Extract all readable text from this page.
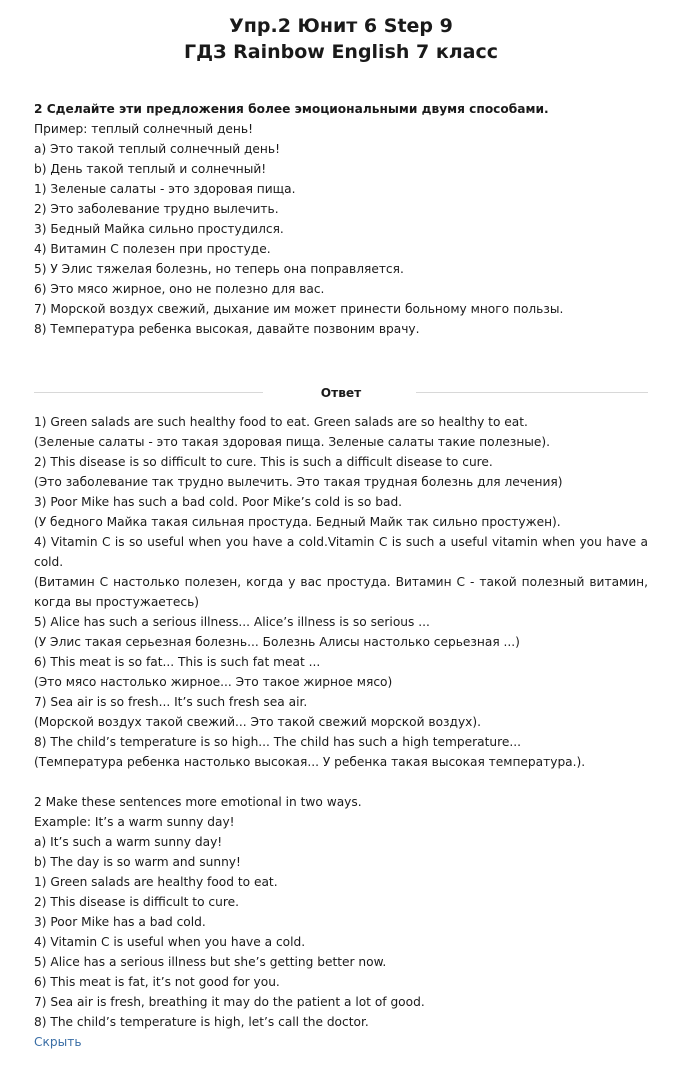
Упр.2 Юнит 6 Step 9
ГДЗ Rainbow English 7 класс
2 Сделайте эти предложения более эмоциональными двумя способами.
Пример: теплый солнечный день!
a) Это такой теплый солнечный день!
b) День такой теплый и солнечный!
1) Зеленые салаты - это здоровая пища.
2) Это заболевание трудно вылечить.
3) Бедный Майка сильно простудился.
4) Витамин С полезен при простуде.
5) У Элис тяжелая болезнь, но теперь она поправляется.
6) Это мясо жирное, оно не полезно для вас.
7) Морской воздух свежий, дыхание им может принести больному много пользы.
8) Температура ребенка высокая, давайте позвоним врачу.
Ответ
1) Green salads are such healthy food to eat. Green salads are so healthy to eat.
(Зеленые салаты - это такая здоровая пища. Зеленые салаты такие полезные).
2) This disease is so difficult to cure. This is such a difficult disease to cure.
(Это заболевание так трудно вылечить. Это такая трудная болезнь для лечения)
3) Poor Mike has such a bad cold. Poor Mike’s cold is so bad.
(У бедного Майка такая сильная простуда. Бедный Майк так сильно простужен).
4) Vitamin C is so useful when you have a cold.Vitamin C is such a useful vitamin when you have a cold.
(Витамин С настолько полезен, когда у вас простуда. Витамин С - такой полезный витамин, когда вы простужаетесь)
5) Alice has such a serious illness... Alice’s illness is so serious ...
(У Элис такая серьезная болезнь... Болезнь Алисы настолько серьезная ...)
6) This meat is so fat... This is such fat meat ...
(Это мясо настолько жирное... Это такое жирное мясо)
7) Sea air is so fresh... It’s such fresh sea air.
(Морской воздух такой свежий... Это такой свежий морской воздух).
8) The child’s temperature is so high... The child has such a high temperature...
(Температура ребенка настолько высокая... У ребенка такая высокая температура.).
2 Make these sentences more emotional in two ways.
Example: It’s a warm sunny day!
a) It’s such a warm sunny day!
b) The day is so warm and sunny!
1) Green salads are healthy food to eat.
2) This disease is difficult to cure.
3) Poor Mike has a bad cold.
4) Vitamin C is useful when you have a cold.
5) Alice has a serious illness but she’s getting better now.
6) This meat is fat, it’s not good for you.
7) Sea air is fresh, breathing it may do the patient a lot of good.
8) The child’s temperature is high, let’s call the doctor.
Скрыть
